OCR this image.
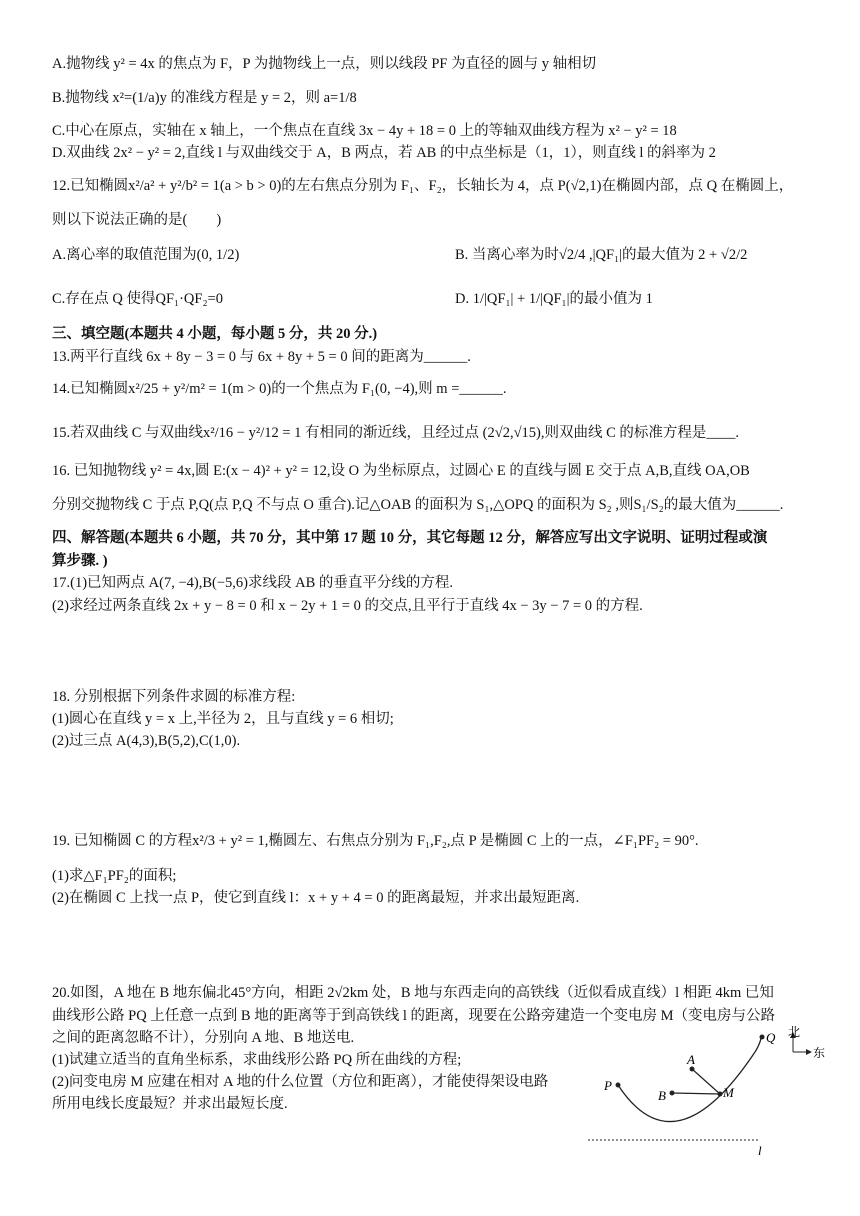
A.抛物线 y² = 4x 的焦点为 F，P 为抛物线上一点，则以线段 PF 为直径的圆与 y 轴相切
B.抛物线 x²=(1/a)y 的准线方程是 y = 2，则 a=1/8
C.中心在原点，实轴在 x 轴上，一个焦点在直线 3x − 4y + 18 = 0 上的等轴双曲线方程为 x² − y² = 18
D.双曲线 2x² − y² = 2,直线 l 与双曲线交于 A，B 两点，若 AB 的中点坐标是（1，1），则直线 l 的斜率为 2
12.已知椭圆x²/a² + y²/b² = 1(a > b > 0)的左右焦点分别为 F₁、F₂，长轴长为 4，点 P(√2,1)在椭圆内部，点 Q 在椭圆上，
则以下说法正确的是(　　)
A.离心率的取值范围为(0, 1/2)
C.存在点 Q 使得QF₁·QF₂=0
三、填空题(本题共 4 小题，每小题 5 分，共 20 分.)
13.两平行直线 6x + 8y − 3 = 0 与 6x + 8y + 5 = 0 间的距离为______.
14.已知椭圆x²/25 + y²/m² = 1(m > 0)的一个焦点为 F₁(0, −4),则 m =______.
15.若双曲线 C 与双曲线x²/16 − y²/12 = 1 有相同的渐近线，且经过点 (2√2,√15),则双曲线 C 的标准方程是____.
16. 已知抛物线 y² = 4x,圆 E:(x − 4)² + y² = 12,设 O 为坐标原点，过圆心 E 的直线与圆 E 交于点 A,B,直线 OA,OB
分别交抛物线 C 于点 P,Q(点 P,Q 不与点 O 重合).记△OAB 的面积为 S₁,△OPQ 的面积为 S₂ ,则S₁/S₂的最大值为______.
四、解答题(本题共 6 小题，共 70 分，其中第 17 题 10 分，其它每题 12 分，解答应写出文字说明、证明过程或演
算步骤. )
17.(1)已知两点 A(7, −4),B(−5,6)求线段 AB 的垂直平分线的方程.
(2)求经过两条直线 2x + y − 8 = 0 和 x − 2y + 1 = 0 的交点,且平行于直线 4x − 3y − 7 = 0 的方程.
18. 分别根据下列条件求圆的标准方程:
(1)圆心在直线 y = x 上,半径为 2，且与直线 y = 6 相切;
(2)过三点 A(4,3),B(5,2),C(1,0).
19. 已知椭圆 C 的方程x²/3 + y² = 1,椭圆左、右焦点分别为 F₁,F₂,点 P 是椭圆 C 上的一点，∠F₁PF₂ = 90°.
(1)求△F₁PF₂的面积;
(2)在椭圆 C 上找一点 P，使它到直线 l：x + y + 4 = 0 的距离最短，并求出最短距离.
20.如图，A 地在 B 地东偏北45°方向，相距 2√2km 处，B 地与东西走向的高铁线（近似看成直线）l 相距 4km 已知
曲线形公路 PQ 上任意一点到 B 地的距离等于到高铁线 l 的距离，现要在公路旁建造一个变电房 M（变电房与公路
之间的距离忽略不计），分别向 A 地、B 地送电.
(1)试建立适当的直角坐标系，求曲线形公路 PQ 所在曲线的方程;
(2)问变电房 M 应建在相对 A 地的什么位置（方位和距离），才能使得架设电路
所用电线长度最短？并求出最短长度.
B. 当离心率为时√2/4 ,|QF₁|的最大值为 2 + √2/2
D. 1/|QF₁| + 1/|QF₁|的最小值为 1
A
B	M
P
Q
l
北
东
